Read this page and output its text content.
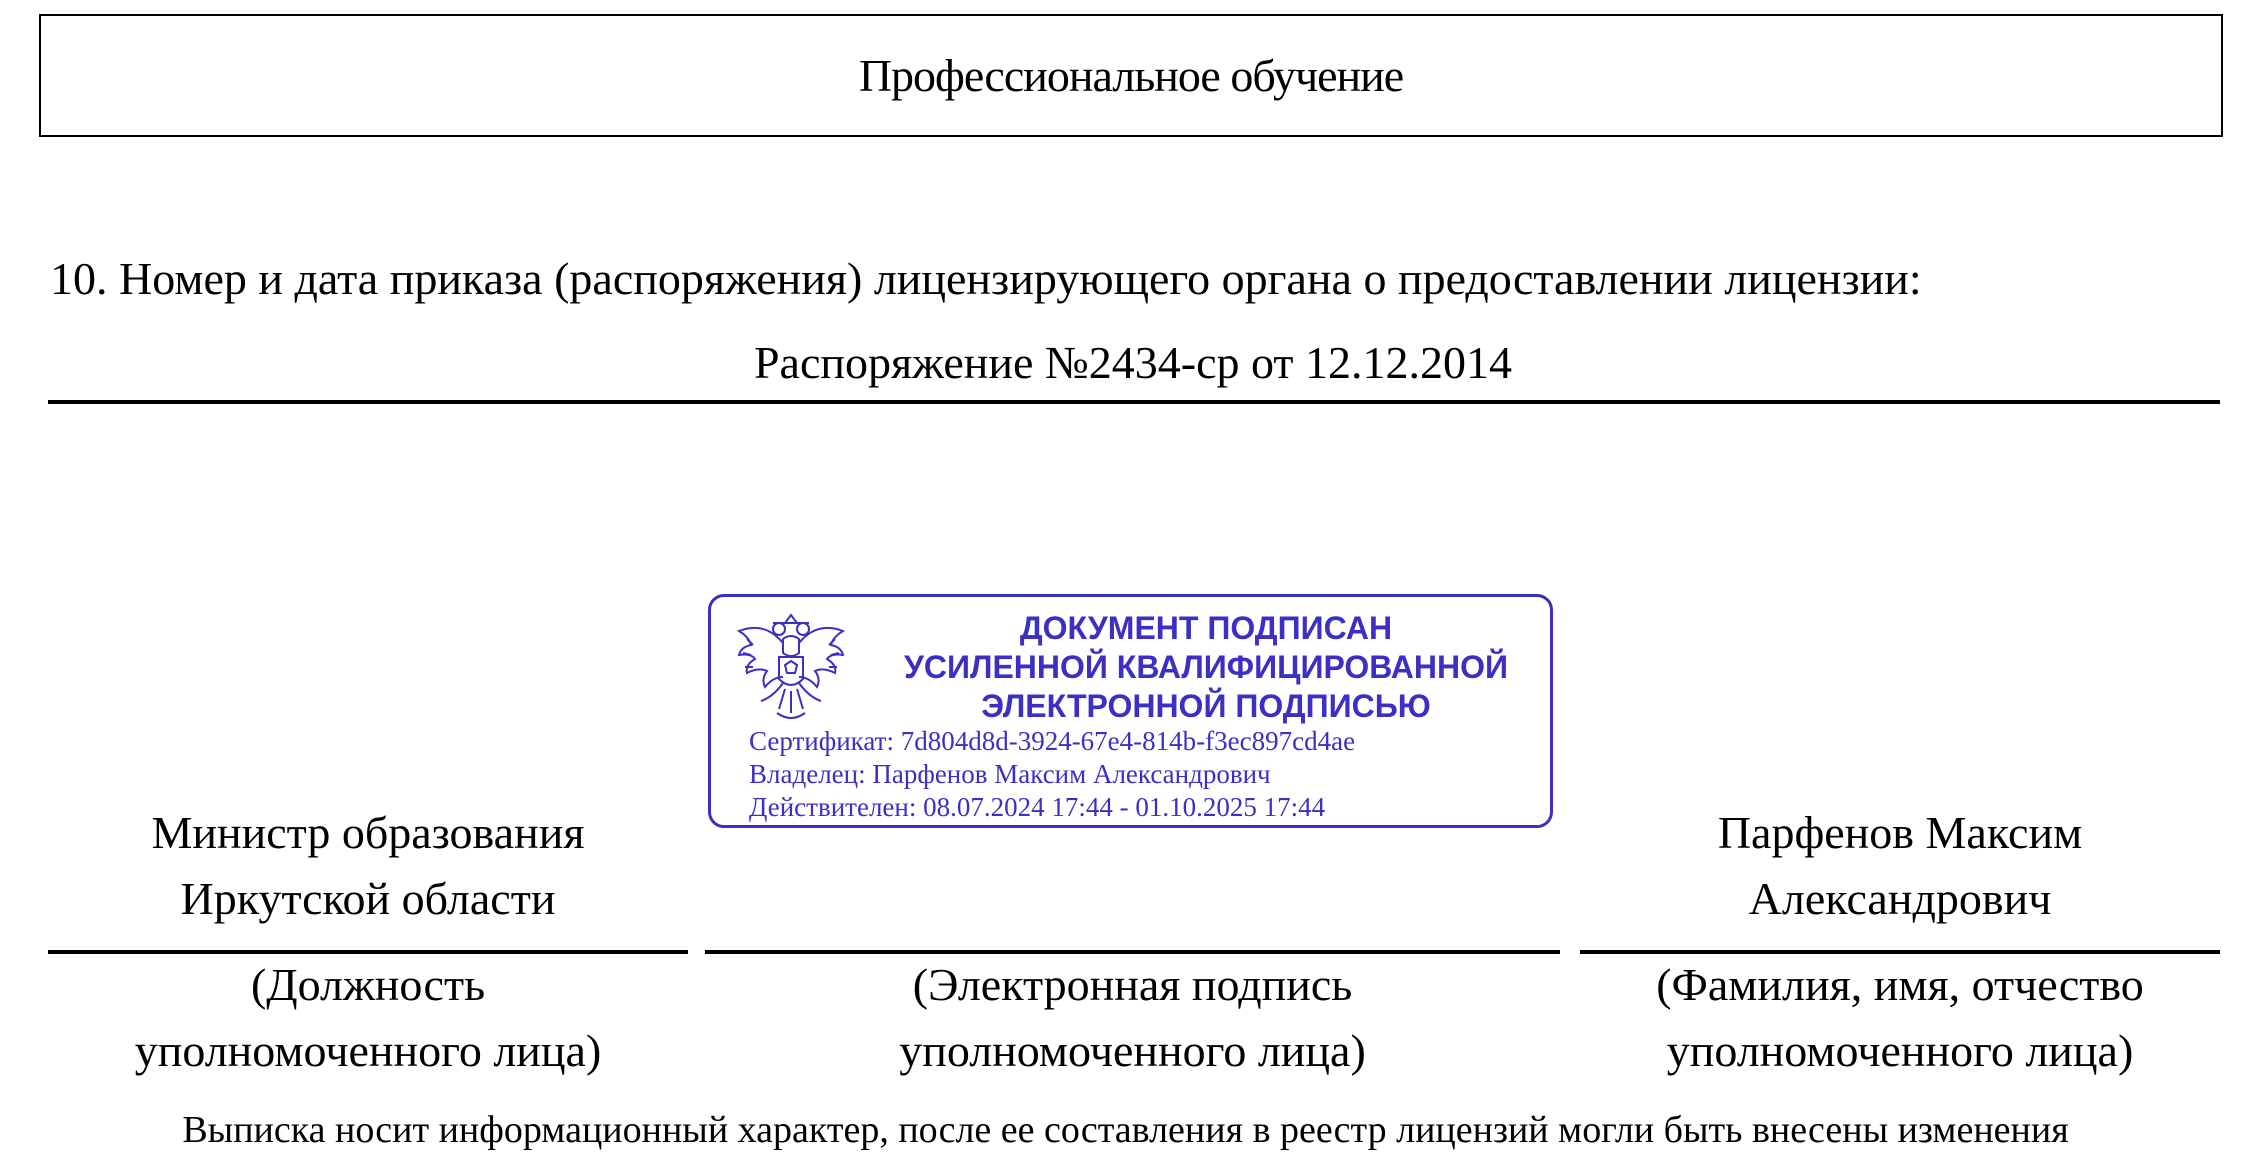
Профессиональное обучение
10. Номер и дата приказа (распоряжения) лицензирующего органа о предоставлении лицензии:
Распоряжение №2434-ср от 12.12.2014
ДОКУМЕНТ ПОДПИСАН
УСИЛЕННОЙ КВАЛИФИЦИРОВАННОЙ
ЭЛЕКТРОННОЙ ПОДПИСЬЮ
Сертификат: 7d804d8d-3924-67e4-814b-f3ec897cd4ae
Владелец: Парфенов Максим Александрович
Действителен: 08.07.2024 17:44 - 01.10.2025 17:44
Министр образования
Иркутской области
Парфенов Максим
Александрович
(Должность
уполномоченного лица)
(Электронная подпись
уполномоченного лица)
(Фамилия, имя, отчество
уполномоченного лица)
Выписка носит информационный характер, после ее составления в реестр лицензий могли быть внесены изменения
